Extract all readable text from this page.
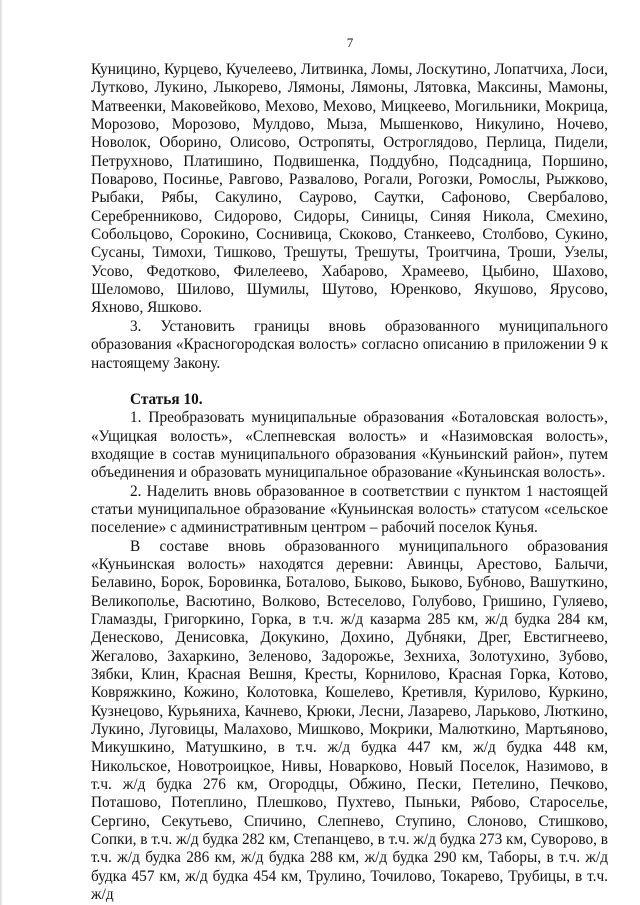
7

Куницино, Курцево, Кучелеево, Литвинка, Ломы, Лоскутино, Лопатчиха, Лоси, Лутково, Лукино, Лыкорево, Лямоны, Лямоны, Лятовка, Максины, Мамоны, Матвеенки, Маковейково, Мехово, Мехово, Мицкеево, Могильники, Мокрица, Морозово, Морозово, Мулдово, Мыза, Мышенково, Никулино, Ночево, Новолок, Оборино, Олисово, Остропяты, Остроглядово, Перлица, Пидели, Петрухново, Платишино, Подвишенка, Поддубно, Подсадница, Поршино, Поварово, Посинье, Равгово, Развалово, Рогали, Рогозки, Ромослы, Рыжково, Рыбаки, Рябы, Сакулино, Саурово, Саутки, Сафоново, Свербалово, Серебренниково, Сидорово, Сидоры, Синицы, Синяя Никола, Смехино, Собольцово, Сорокино, Соснивица, Скоково, Станкеево, Столбово, Сукино, Сусаны, Тимохи, Тишково, Трешуты, Трешуты, Троитчина, Троши, Узелы, Усово, Федотково, Филелеево, Хабарово, Храмеево, Цыбино, Шахово, Шеломово, Шилово, Шумилы, Шутово, Юренково, Якушово, Ярусово, Яхново, Яшково.

3. Установить границы вновь образованного муниципального образования «Красногородская волость» согласно описанию в приложении 9 к настоящему Закону.

Статья 10.

1. Преобразовать муниципальные образования «Боталовская волость», «Ущицкая волость», «Слепневская волость» и «Назимовская волость», входящие в состав муниципального образования «Куньинский район», путем объединения и образовать муниципальное образование «Куньинская волость».

2. Наделить вновь образованное в соответствии с пунктом 1 настоящей статьи муниципальное образование «Куньинская волость» статусом «сельское поселение» с административным центром – рабочий поселок Кунья.

В составе вновь образованного муниципального образования «Куньинская волость» находятся деревни: Авинцы, Арестово, Балычи, Белавино, Борок, Боровинка, Боталово, Быково, Быково, Бубново, Вашуткино, Великополье, Васютино, Волково, Встеселово, Голубово, Гришино, Гуляево, Гламазды, Григоркино, Горка, в т.ч. ж/д казарма 285 км, ж/д будка 284 км, Денесково, Денисовка, Докукино, Дохино, Дубняки, Дрег, Евстигнеево, Жегалово, Захаркино, Зеленово, Задорожье, Зехниха, Золотухино, Зубово, Зябки, Клин, Красная Вешня, Кресты, Корнилово, Красная Горка, Котово, Ковряжкино, Кожино, Колотовка, Кошелево, Кретивля, Курилово, Куркино, Кузнецово, Курьяниха, Качнево, Крюки, Лесни, Лазарево, Ларьково, Люткино, Лукино, Луговицы, Малахово, Мишково, Мокрики, Малюткино, Мартьяново, Микушкино, Матушкино, в т.ч. ж/д будка 447 км, ж/д будка 448 км, Никольское, Новотроицкое, Нивы, Новарково, Новый Поселок, Назимово, в т.ч. ж/д будка 276 км, Огородцы, Обжино, Пески, Петелино, Печково, Поташово, Потеплино, Плешково, Пухтево, Пыньки, Рябово, Староселье, Сергино, Секутьево, Спичино, Слепнево, Ступино, Слоново, Стишково, Сопки, в т.ч. ж/д будка 282 км, Степанцево, в т.ч. ж/д будка 273 км, Суворово, в т.ч. ж/д будка 286 км, ж/д будка 288 км, ж/д будка 290 км, Таборы, в т.ч. ж/д будка 457 км, ж/д будка 454 км, Трулино, Точилово, Токарево, Трубицы, в т.ч. ж/д
